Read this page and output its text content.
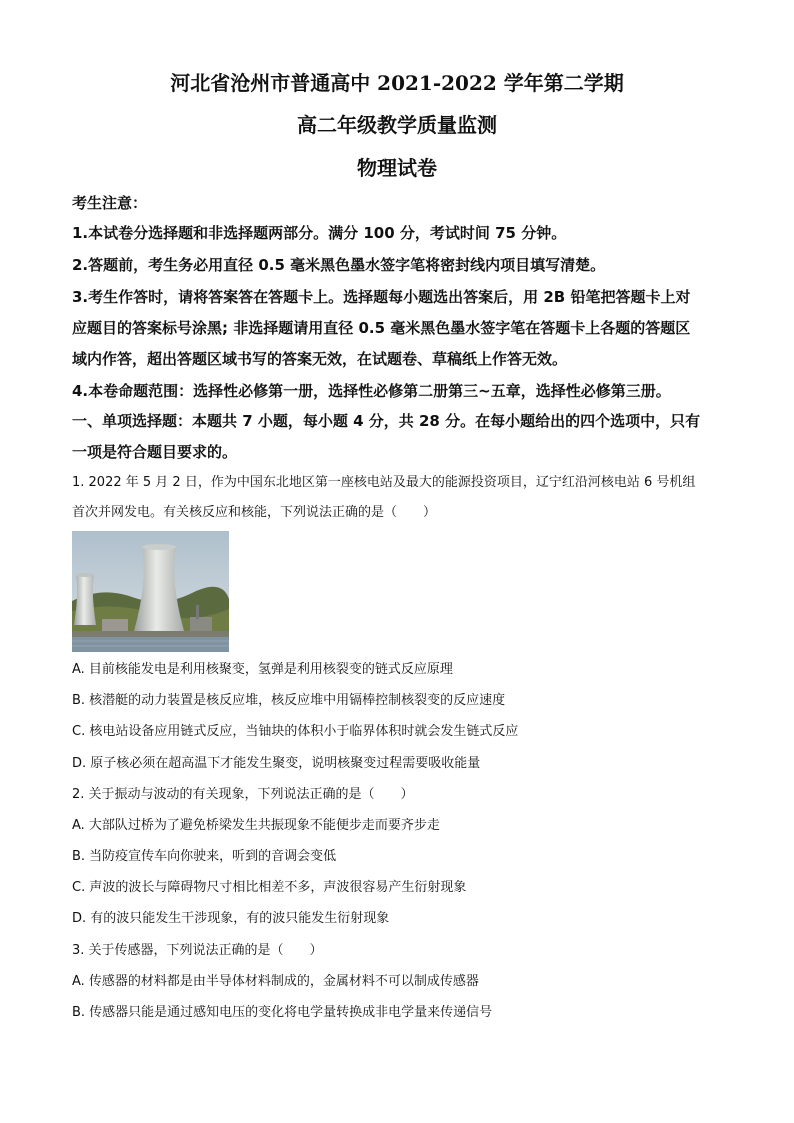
河北省沧州市普通高中 2021-2022 学年第二学期
高二年级教学质量监测
物理试卷
考生注意：
1.本试卷分选择题和非选择题两部分。满分 100 分，考试时间 75 分钟。
2.答题前，考生务必用直径 0.5 毫米黑色墨水签字笔将密封线内项目填写清楚。
3.考生作答时，请将答案答在答题卡上。选择题每小题选出答案后，用 2B 铅笔把答题卡上对
应题目的答案标号涂黑; 非选择题请用直径 0.5 毫米黑色墨水签字笔在答题卡上各题的答题区
域内作答，超出答题区域书写的答案无效，在试题卷、草稿纸上作答无效。
4.本卷命题范围：选择性必修第一册，选择性必修第二册第三~五章，选择性必修第三册。
一、单项选择题：本题共 7 小题，每小题 4 分，共 28 分。在每小题给出的四个选项中，只有
一项是符合题目要求的。
1. 2022 年 5 月 2 日，作为中国东北地区第一座核电站及最大的能源投资项目，辽宁红沿河核电站 6 号机组
首次并网发电。有关核反应和核能，下列说法正确的是（　　）
A. 目前核能发电是利用核聚变，氢弹是利用核裂变的链式反应原理
B. 核潜艇的动力装置是核反应堆，核反应堆中用镉棒控制核裂变的反应速度
C. 核电站设备应用链式反应，当铀块的体积小于临界体积时就会发生链式反应
D. 原子核必须在超高温下才能发生聚变，说明核聚变过程需要吸收能量
2. 关于振动与波动的有关现象，下列说法正确的是（　　）
A. 大部队过桥为了避免桥梁发生共振现象不能便步走而要齐步走
B. 当防疫宣传车向你驶来，听到的音调会变低
C. 声波的波长与障碍物尺寸相比相差不多，声波很容易产生衍射现象
D. 有的波只能发生干涉现象，有的波只能发生衍射现象
3. 关于传感器，下列说法正确的是（　　）
A. 传感器的材料都是由半导体材料制成的，金属材料不可以制成传感器
B. 传感器只能是通过感知电压的变化将电学量转换成非电学量来传递信号
